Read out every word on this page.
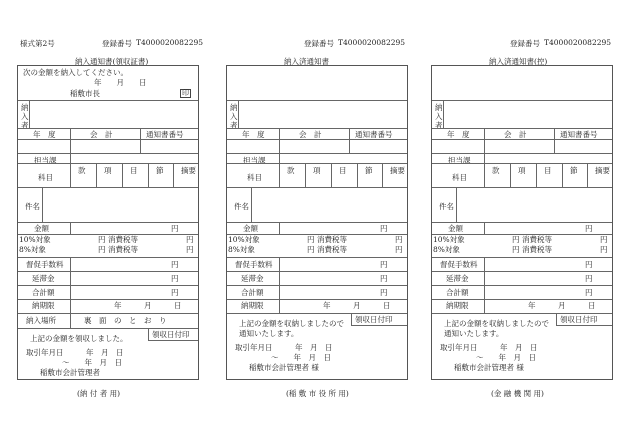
様式第2号	登録番号 T4000020082295	登録番号 T4000020082295	登録番号 T4000020082295
納入通知書(領収証書)
(納 付 者 用)
次の金額を納入してください。
年　　月　　日
稲敷市長	印
納
入
者
年　度	会　計	通知書番号
担当課
科目
款 項 目 節 摘要
件名
金額	円
10%対象	円 消費税等	円
8%対象	円 消費税等	円
督促手数料	円
延滞金	円
合計額	円
納期限	年　　　月　　　日
納入場所	裏　面　の　と　お　り
領収日付印
上記の金額を領収しました。
取引年月日　　　年　月　日
〜　　年　月　日
稲敷市会計管理者
納入済通知書
(稲 敷 市 役 所 用)
納
入
者
年　度	会　計	通知書番号
担当課
科目
款 項 目 節 摘要
件名
金額	円
10%対象	円 消費税等	円
8%対象	円 消費税等	円
督促手数料	円
延滞金	円
合計額	円
納期限	年　　　月　　　日
領収日付印
上記の金額を収納しましたので
通知いたします。
取引年月日　　　年　月　日
〜　　年　月　日
稲敷市会計管理者 様
納入済通知書(控)
(金 融 機 関 用)
納
入
者
年　度	会　計	通知書番号
担当課
科目
款 項 目 節 摘要
件名
金額	円
10%対象	円 消費税等	円
8%対象	円 消費税等	円
督促手数料	円
延滞金	円
合計額	円
納期限	年　　　月　　　日
領収日付印
上記の金額を収納しましたので
通知いたします。
取引年月日　　　年　月　日
〜　　年　月　日
稲敷市会計管理者 様
